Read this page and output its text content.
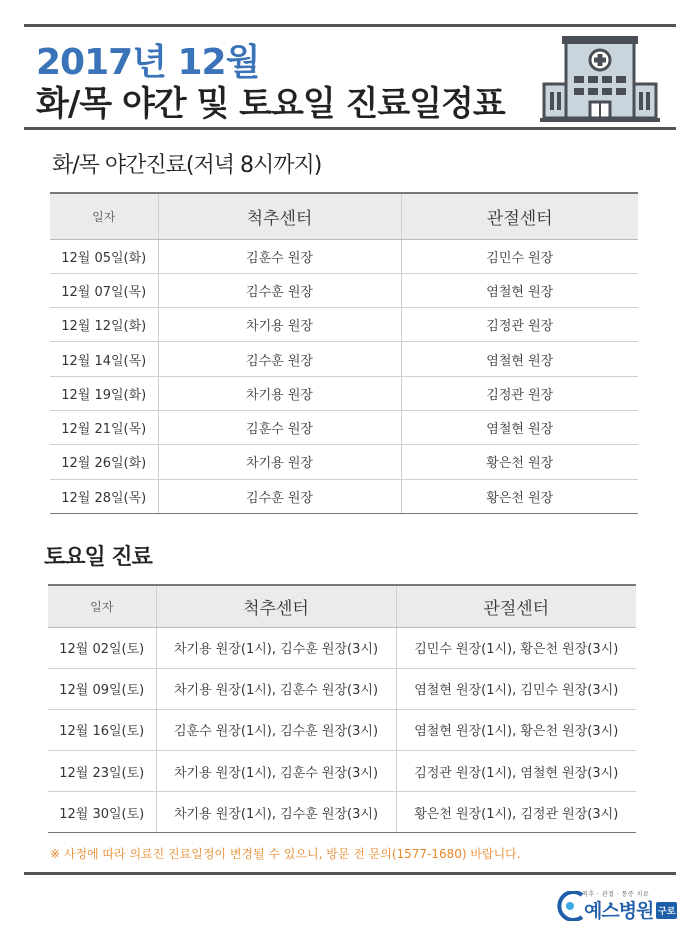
2017년 12월
화/목 야간 및 토요일 진료일정표
화/목 야간진료(저녁 8시까지)
일자	척추센터	관절센터
12월 05일(화)	김훈수 원장	김민수 원장
12월 07일(목)	김수훈 원장	염철현 원장
12월 12일(화)	차기용 원장	김정관 원장
12월 14일(목)	김수훈 원장	염철현 원장
12월 19일(화)	차기용 원장	김정관 원장
12월 21일(목)	김훈수 원장	염철현 원장
12월 26일(화)	차기용 원장	황은천 원장
12월 28일(목)	김수훈 원장	황은천 원장
토요일 진료
일자	척추센터	관절센터
12월 02일(토)	차기용 원장(1시), 김수훈 원장(3시)	김민수 원장(1시), 황은천 원장(3시)
12월 09일(토)	차기용 원장(1시), 김훈수 원장(3시)	염철현 원장(1시), 김민수 원장(3시)
12월 16일(토)	김훈수 원장(1시), 김수훈 원장(3시)	염철현 원장(1시), 황은천 원장(3시)
12월 23일(토)	차기용 원장(1시), 김훈수 원장(3시)	김정관 원장(1시), 염철현 원장(3시)
12월 30일(토)	차기용 원장(1시), 김수훈 원장(3시)	황은천 원장(1시), 김정관 원장(3시)
※ 사정에 따라 의료진 진료일정이 변경될 수 있으니, 방문 전 문의(1577-1680) 바랍니다.
척추 · 관절 · 통증 치료
예스병원 구로
